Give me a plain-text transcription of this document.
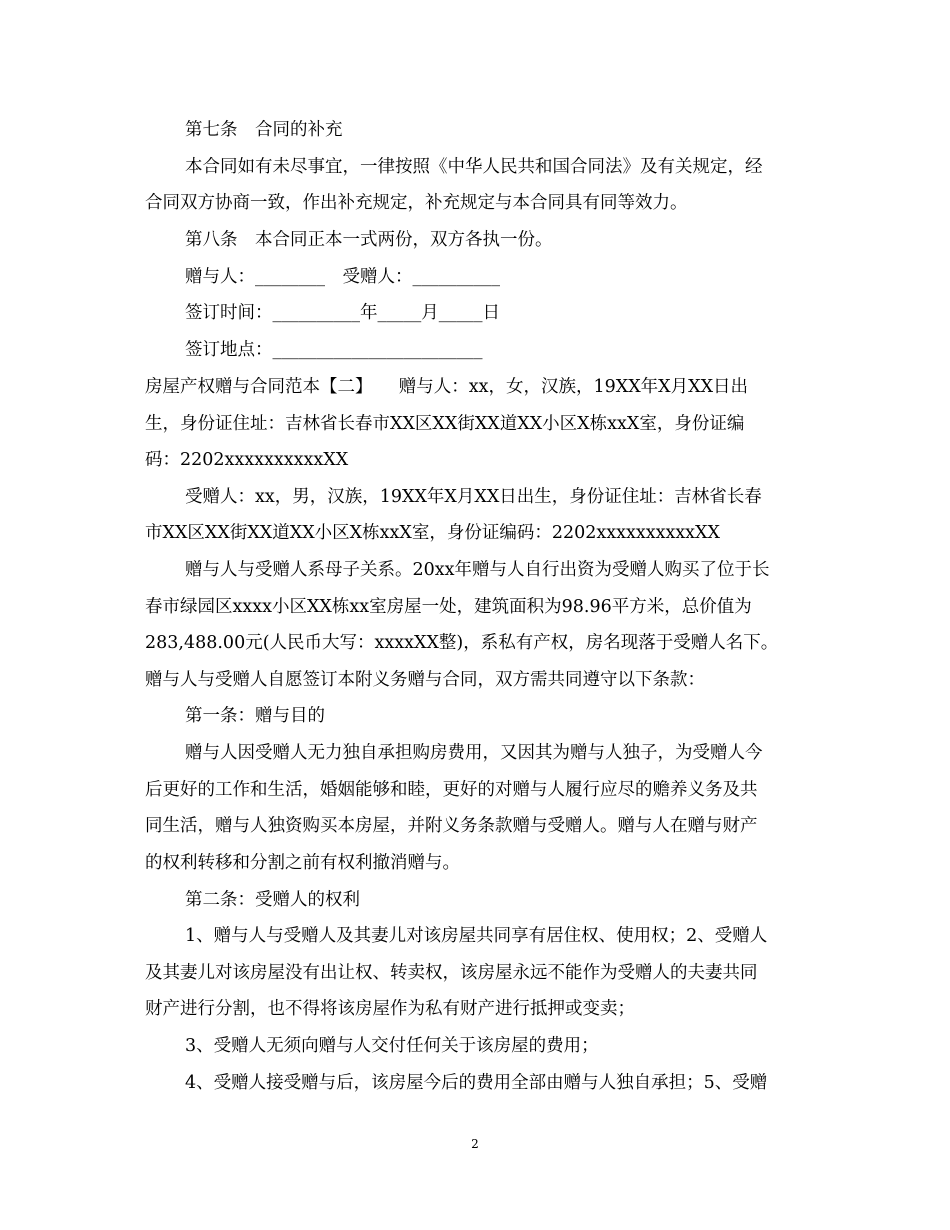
第七条　合同的补充
本合同如有未尽事宜，一律按照《中华人民共和国合同法》及有关规定，经
合同双方协商一致，作出补充规定，补充规定与本合同具有同等效力。
第八条　本合同正本一式两份，双方各执一份。
赠与人：________　受赠人：__________
签订时间：__________年_____月_____日
签订地点：________________________
房屋产权赠与合同范本【二】　　赠与人：xx，女，汉族，19XX年X月XX日出
生，身份证住址：吉林省长春市XX区XX街XX道XX小区X栋xxX室，身份证编
码：2202xxxxxxxxxxXX
受赠人：xx，男，汉族，19XX年X月XX日出生，身份证住址：吉林省长春
市XX区XX街XX道XX小区X栋xxX室，身份证编码：2202xxxxxxxxxxXX
赠与人与受赠人系母子关系。20xx年赠与人自行出资为受赠人购买了位于长
春市绿园区xxxx小区XX栋xx室房屋一处，建筑面积为98.96平方米，总价值为
283,488.00元(人民币大写：xxxxXX整)，系私有产权，房名现落于受赠人名下。
赠与人与受赠人自愿签订本附义务赠与合同，双方需共同遵守以下条款：
第一条：赠与目的
赠与人因受赠人无力独自承担购房费用，又因其为赠与人独子，为受赠人今
后更好的工作和生活，婚姻能够和睦，更好的对赠与人履行应尽的赡养义务及共
同生活，赠与人独资购买本房屋，并附义务条款赠与受赠人。赠与人在赠与财产
的权利转移和分割之前有权利撤消赠与。
第二条：受赠人的权利
1、赠与人与受赠人及其妻儿对该房屋共同享有居住权、使用权；2、受赠人
及其妻儿对该房屋没有出让权、转卖权，该房屋永远不能作为受赠人的夫妻共同
财产进行分割，也不得将该房屋作为私有财产进行抵押或变卖；
3、受赠人无须向赠与人交付任何关于该房屋的费用；
4、受赠人接受赠与后，该房屋今后的费用全部由赠与人独自承担；5、受赠
2
